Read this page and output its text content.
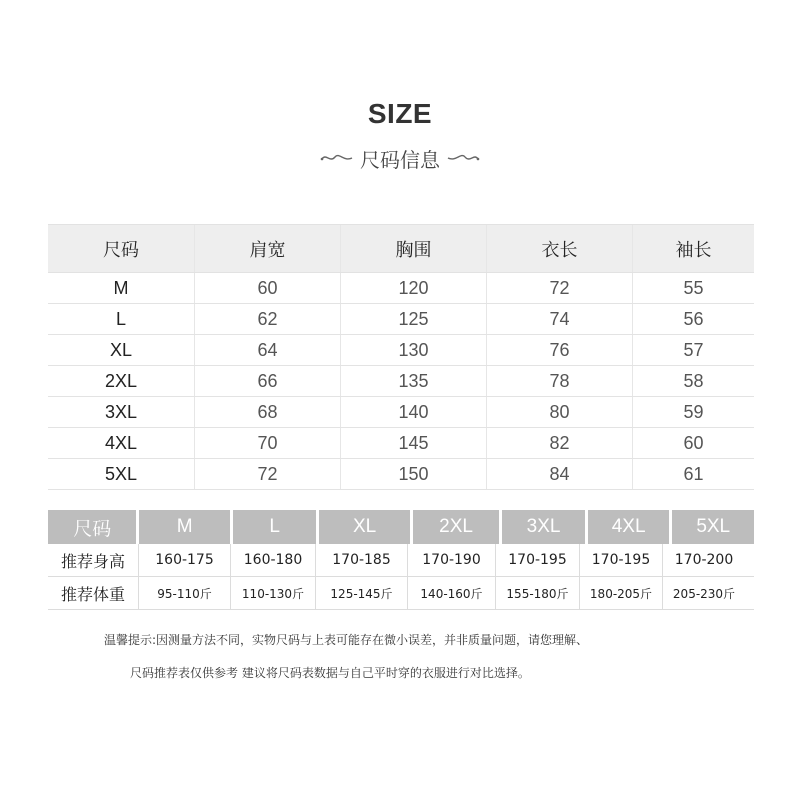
SIZE
尺码信息
尺码	肩宽	胸围	衣长	袖长
M	60	120	72	55
L	62	125	74	56
XL	64	130	76	57
2XL	66	135	78	58
3XL	68	140	80	59
4XL	70	145	82	60
5XL	72	150	84	61
尺码	M	L	XL	2XL	3XL	4XL	5XL
推荐身高	160-175	160-180	170-185	170-190	170-195	170-195	170-200
推荐体重	95-110斤	110-130斤	125-145斤	140-160斤	155-180斤	180-205斤	205-230斤
温馨提示:因测量方法不同，实物尺码与上表可能存在微小误差，并非质量问题，请您理解、
尺码推荐表仅供参考 建议将尺码表数据与自己平时穿的衣服进行对比选择。
